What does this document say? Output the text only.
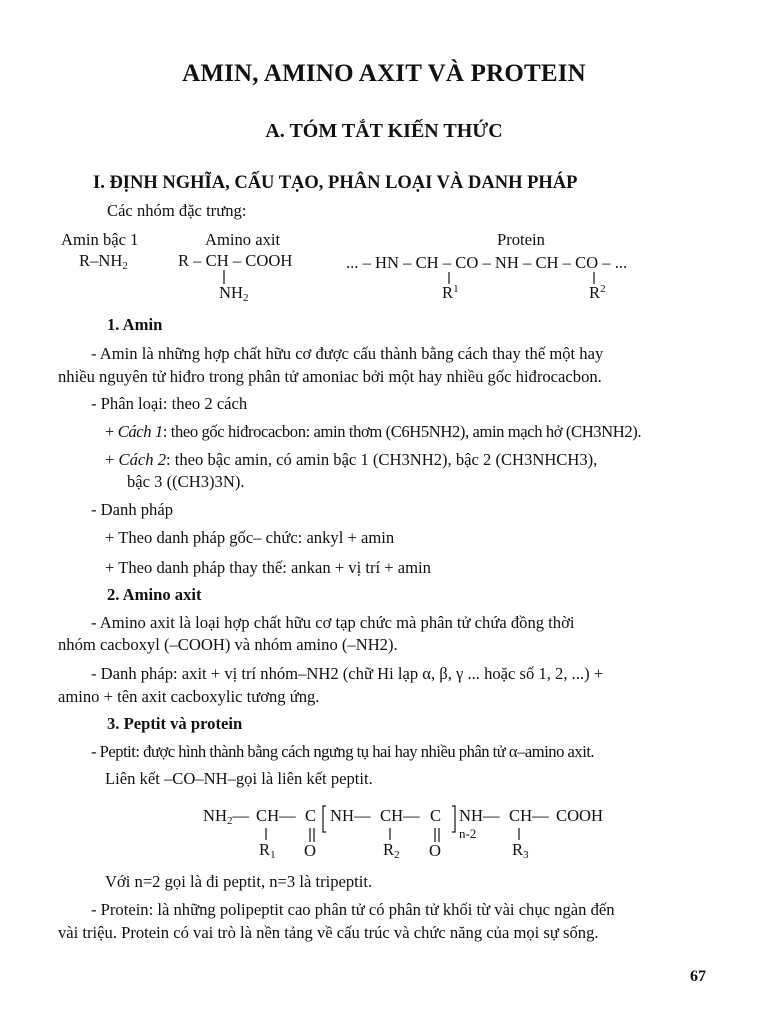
AMIN, AMINO AXIT VÀ PROTEIN
A. TÓM TẮT KIẾN THỨC
I. ĐỊNH NGHĨA, CẤU TẠO, PHÂN LOẠI VÀ DANH PHÁP
Các nhóm đặc trưng:
Amin bậc 1
$R-NH_2$
Amino axit
R – CH – COOH
$NH_2$
Protein
... – HN – CH – CO – NH – CH – CO – ...
$R^1$	$R^2$
1. Amin
- Amin là những hợp chất hữu cơ được cấu thành bằng cách thay thế một hay
nhiều nguyên tử hiđro trong phân tử amoniac bởi một hay nhiều gốc hiđrocacbon.
- Phân loại: theo 2 cách
+ Cách 1: theo gốc hiđrocacbon: amin thơm (C6H5NH2), amin mạch hở (CH3NH2).
+ Cách 2: theo bậc amin, có amin bậc 1 (CH3NH2), bậc 2 (CH3NHCH3),
bậc 3 ((CH3)3N).
- Danh pháp
+ Theo danh pháp gốc– chức: ankyl + amin
+ Theo danh pháp thay thế: ankan + vị trí + amin
2. Amino axit
- Amino axit là loại hợp chất hữu cơ tạp chức mà phân tử chứa đồng thời
nhóm cacboxyl (–COOH) và nhóm amino (–NH2).
- Danh pháp: axit + vị trí nhóm–NH2 (chữ Hi lạp α, β, γ ... hoặc số 1, 2, ...) +
amino + tên axit cacboxylic tương ứng.
3. Peptit và protein
- Peptit: được hình thành bằng cách ngưng tụ hai hay nhiều phân tử α–amino axit.
Liên kết –CO–NH–gọi là liên kết peptit.
$NH_2—$ CH— C NH— CH— C NH— CH— COOH
$R_1$ O	$R_2$ O
n-2
$R_3$
Với n=2 gọi là đi peptit, n=3 là tripeptit.
- Protein: là những polipeptit cao phân tử có phân tử khối từ vài chục ngàn đến
vài triệu. Protein có vai trò là nền tảng về cấu trúc và chức năng của mọi sự sống.
67
